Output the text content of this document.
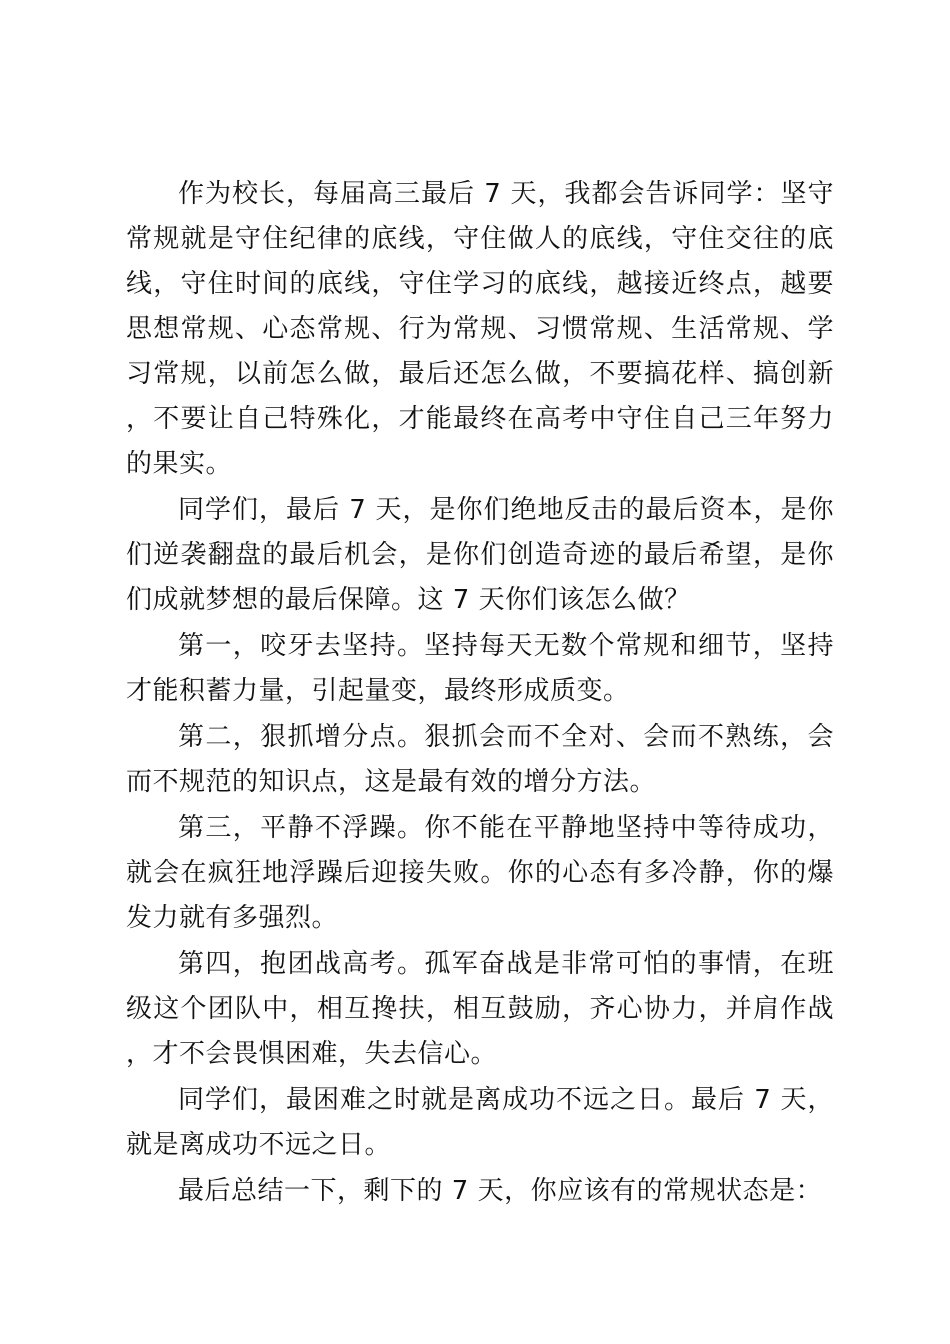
作为校长，每届高三最后 7 天，我都会告诉同学：坚守常规就是守住纪律的底线，守住做人的底线，守住交往的底线，守住时间的底线，守住学习的底线，越接近终点，越要思想常规、心态常规、行为常规、习惯常规、生活常规、学习常规，以前怎么做，最后还怎么做，不要搞花样、搞创新，不要让自己特殊化，才能最终在高考中守住自己三年努力的果实。

同学们，最后 7 天，是你们绝地反击的最后资本，是你们逆袭翻盘的最后机会，是你们创造奇迹的最后希望，是你们成就梦想的最后保障。这 7 天你们该怎么做？

第一，咬牙去坚持。坚持每天无数个常规和细节，坚持才能积蓄力量，引起量变，最终形成质变。

第二，狠抓增分点。狠抓会而不全对、会而不熟练，会而不规范的知识点，这是最有效的增分方法。

第三，平静不浮躁。你不能在平静地坚持中等待成功，就会在疯狂地浮躁后迎接失败。你的心态有多冷静，你的爆发力就有多强烈。

第四，抱团战高考。孤军奋战是非常可怕的事情，在班级这个团队中，相互搀扶，相互鼓励，齐心协力，并肩作战，才不会畏惧困难，失去信心。

同学们，最困难之时就是离成功不远之日。最后 7 天，就是离成功不远之日。

最后总结一下，剩下的 7 天，你应该有的常规状态是：
